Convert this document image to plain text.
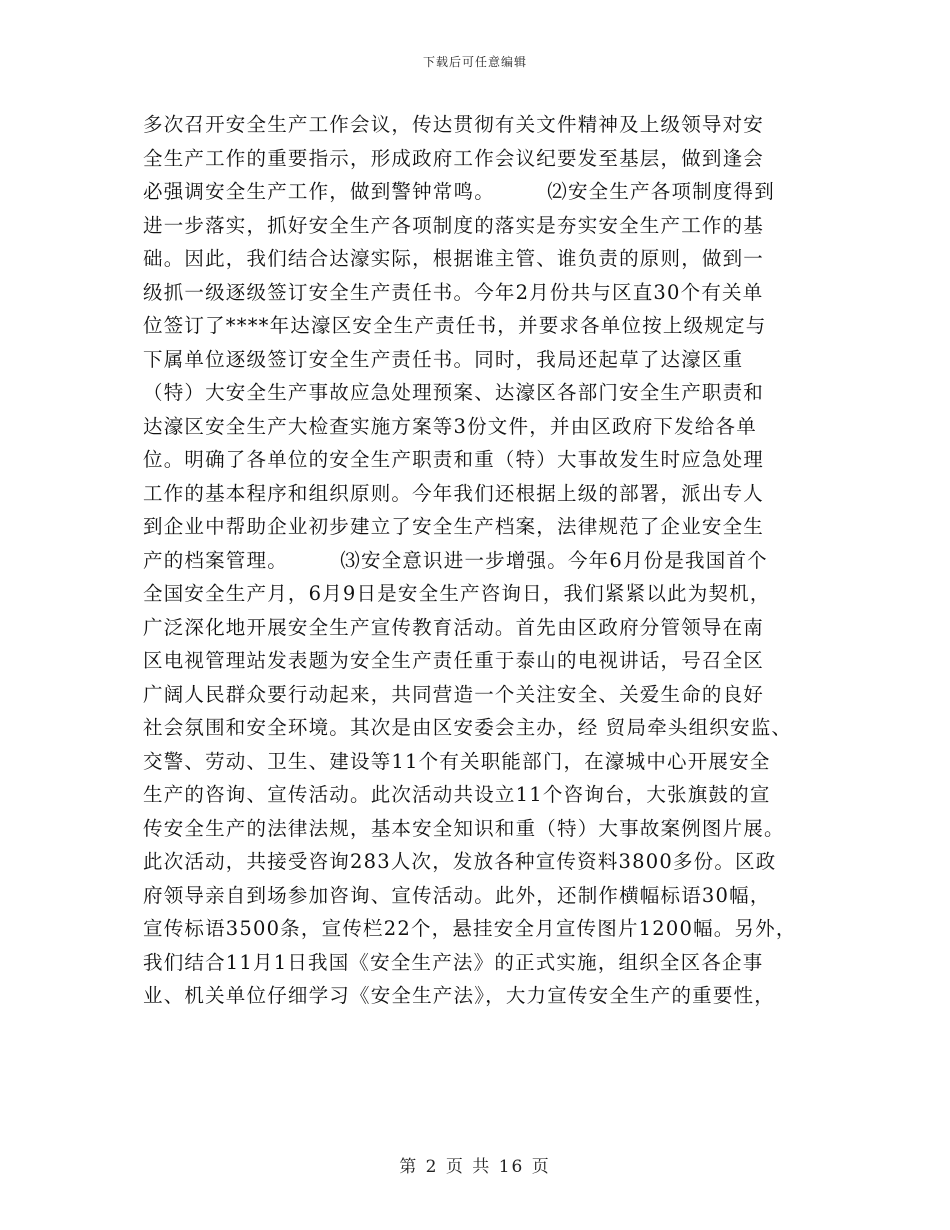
下载后可任意编辑
多次召开安全生产工作会议，传达贯彻有关文件精神及上级领导对安
全生产工作的重要指示，形成政府工作会议纪要发至基层，做到逢会
必强调安全生产工作，做到警钟常鸣。　　　⑵安全生产各项制度得到
进一步落实，抓好安全生产各项制度的落实是夯实安全生产工作的基
础。因此，我们结合达濠实际，根据谁主管、谁负责的原则，做到一
级抓一级逐级签订安全生产责任书。今年2月份共与区直30个有关单
位签订了****年达濠区安全生产责任书，并要求各单位按上级规定与
下属单位逐级签订安全生产责任书。同时，我局还起草了达濠区重
（特）大安全生产事故应急处理预案、达濠区各部门安全生产职责和
达濠区安全生产大检查实施方案等3份文件，并由区政府下发给各单
位。明确了各单位的安全生产职责和重（特）大事故发生时应急处理
工作的基本程序和组织原则。今年我们还根据上级的部署，派出专人
到企业中帮助企业初步建立了安全生产档案，法律规范了企业安全生
产的档案管理。　　　⑶安全意识进一步增强。今年6月份是我国首个
全国安全生产月，6月9日是安全生产咨询日，我们紧紧以此为契机，
广泛深化地开展安全生产宣传教育活动。首先由区政府分管领导在南
区电视管理站发表题为安全生产责任重于泰山的电视讲话，号召全区
广阔人民群众要行动起来，共同营造一个关注安全、关爱生命的良好
社会氛围和安全环境。其次是由区安委会主办，经 贸局牵头组织安监、
交警、劳动、卫生、建设等11个有关职能部门，在濠城中心开展安全
生产的咨询、宣传活动。此次活动共设立11个咨询台，大张旗鼓的宣
传安全生产的法律法规，基本安全知识和重（特）大事故案例图片展。
此次活动，共接受咨询283人次，发放各种宣传资料3800多份。区政
府领导亲自到场参加咨询、宣传活动。此外，还制作横幅标语30幅，
宣传标语3500条，宣传栏22个，悬挂安全月宣传图片1200幅。另外，
我们结合11月1日我国《安全生产法》的正式实施，组织全区各企事
业、机关单位仔细学习《安全生产法》，大力宣传安全生产的重要性，
第 2 页 共 16 页
